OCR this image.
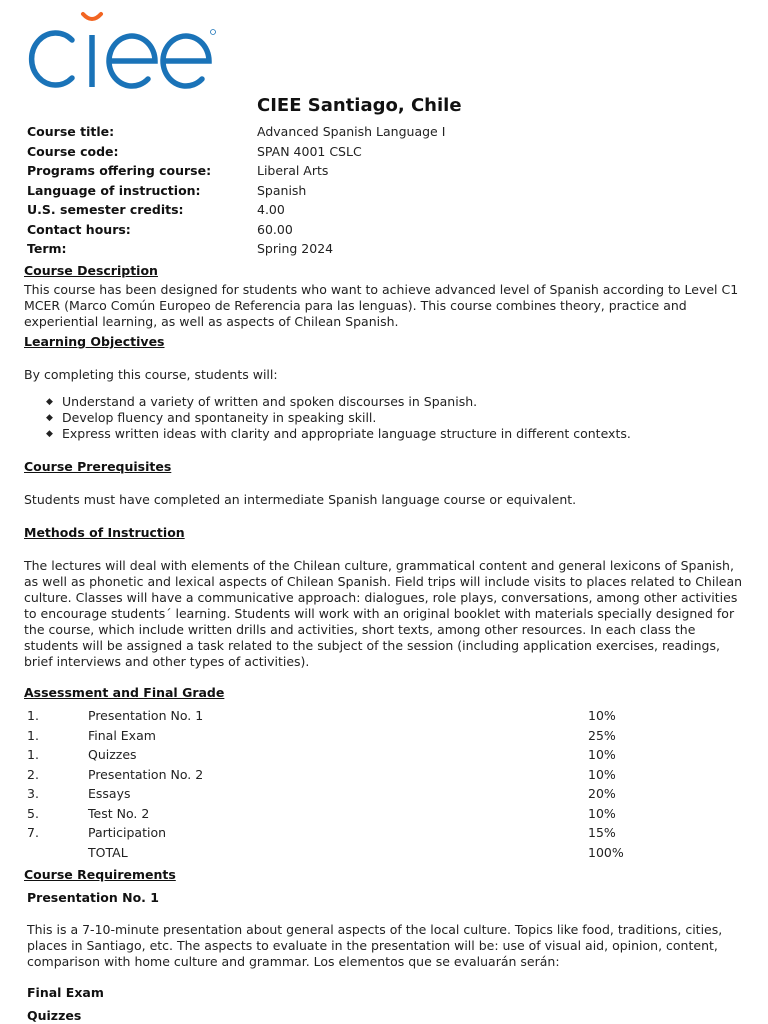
CIEE Santiago, Chile
Course title:	Advanced Spanish Language I
Course code:	SPAN 4001 CSLC
Programs offering course:	Liberal Arts
Language of instruction:	Spanish
U.S. semester credits:	4.00
Contact hours:	60.00
Term:	Spring 2024
Course Description

This course has been designed for students who want to achieve advanced level of Spanish according to Level C1 MCER (Marco Común Europeo de Referencia para las lenguas). This course combines theory, practice and experiential learning, as well as aspects of Chilean Spanish.

Learning Objectives

By completing this course, students will:

◆ Understand a variety of written and spoken discourses in Spanish.
◆ Develop fluency and spontaneity in speaking skill.
◆ Express written ideas with clarity and appropriate language structure in different contexts.
Course Prerequisites

Students must have completed an intermediate Spanish language course or equivalent.

Methods of Instruction

The lectures will deal with elements of the Chilean culture, grammatical content and general lexicons of Spanish, as well as phonetic and lexical aspects of Chilean Spanish. Field trips will include visits to places related to Chilean culture. Classes will have a communicative approach: dialogues, role plays, conversations, among other activities to encourage students´ learning. Students will work with an original booklet with materials specially designed for the course, which include written drills and activities, short texts, among other resources. In each class the students will be assigned a task related to the subject of the session (including application exercises, readings, brief interviews and other types of activities).

Assessment and Final Grade
1.	Presentation No. 1	10%
1.	Final Exam	25%
1.	Quizzes	10%
2.	Presentation No. 2	10%
3.	Essays	20%
5.	Test No. 2	10%
7.	Participation	15%
	TOTAL	100%
Course Requirements
Presentation No. 1

This is a 7-10-minute presentation about general aspects of the local culture. Topics like food, traditions, cities, places in Santiago, etc. The aspects to evaluate in the presentation will be: use of visual aid, opinion, content, comparison with home culture and grammar. Los elementos que se evaluarán serán:

Final Exam
Quizzes
